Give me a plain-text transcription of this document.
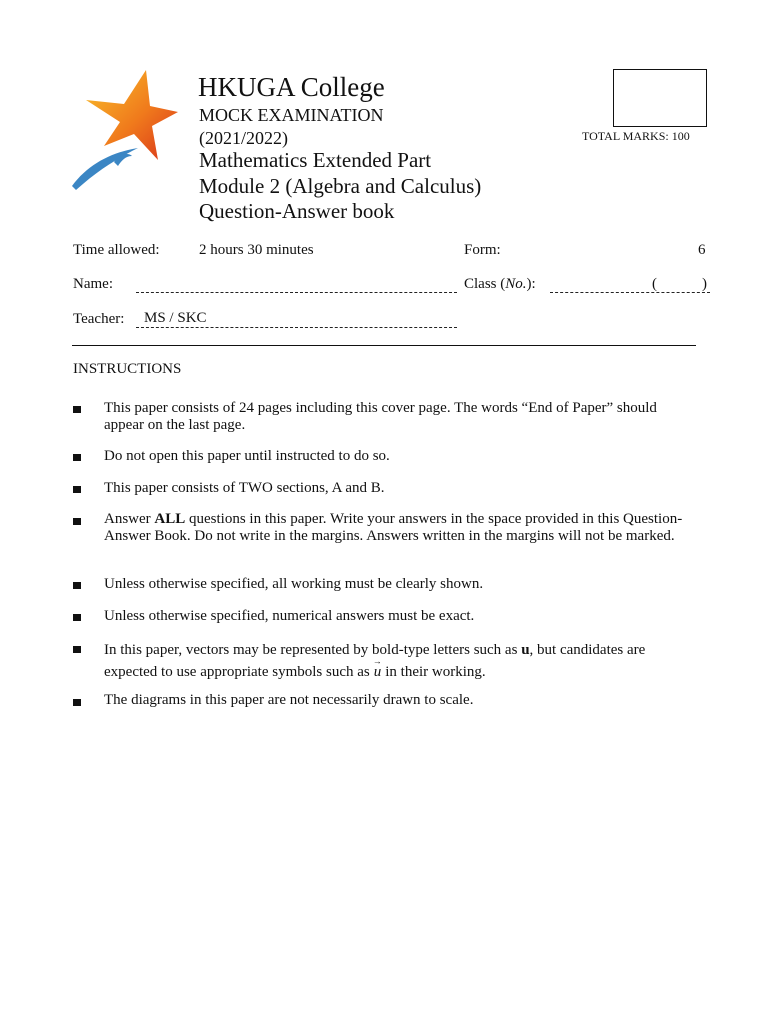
HKUGA College
MOCK EXAMINATION
(2021/2022)
Mathematics Extended Part
Module 2 (Algebra and Calculus)
Question-Answer book
TOTAL MARKS: 100
Time allowed:	2 hours 30 minutes	Form:	6
Name:	Class (No.):	(	)
Teacher: MS / SKC
INSTRUCTIONS
This paper consists of 24 pages including this cover page. The words “End of Paper” should appear on the last page.
Do not open this paper until instructed to do so.
This paper consists of TWO sections, A and B.
Answer ALL questions in this paper. Write your answers in the space provided in this Question-Answer Book. Do not write in the margins. Answers written in the margins will not be marked.
Unless otherwise specified, all working must be clearly shown.
Unless otherwise specified, numerical answers must be exact.
In this paper, vectors may be represented by bold-type letters such as u, but candidates are expected to use appropriate symbols such as→ u in their working.
The diagrams in this paper are not necessarily drawn to scale.
